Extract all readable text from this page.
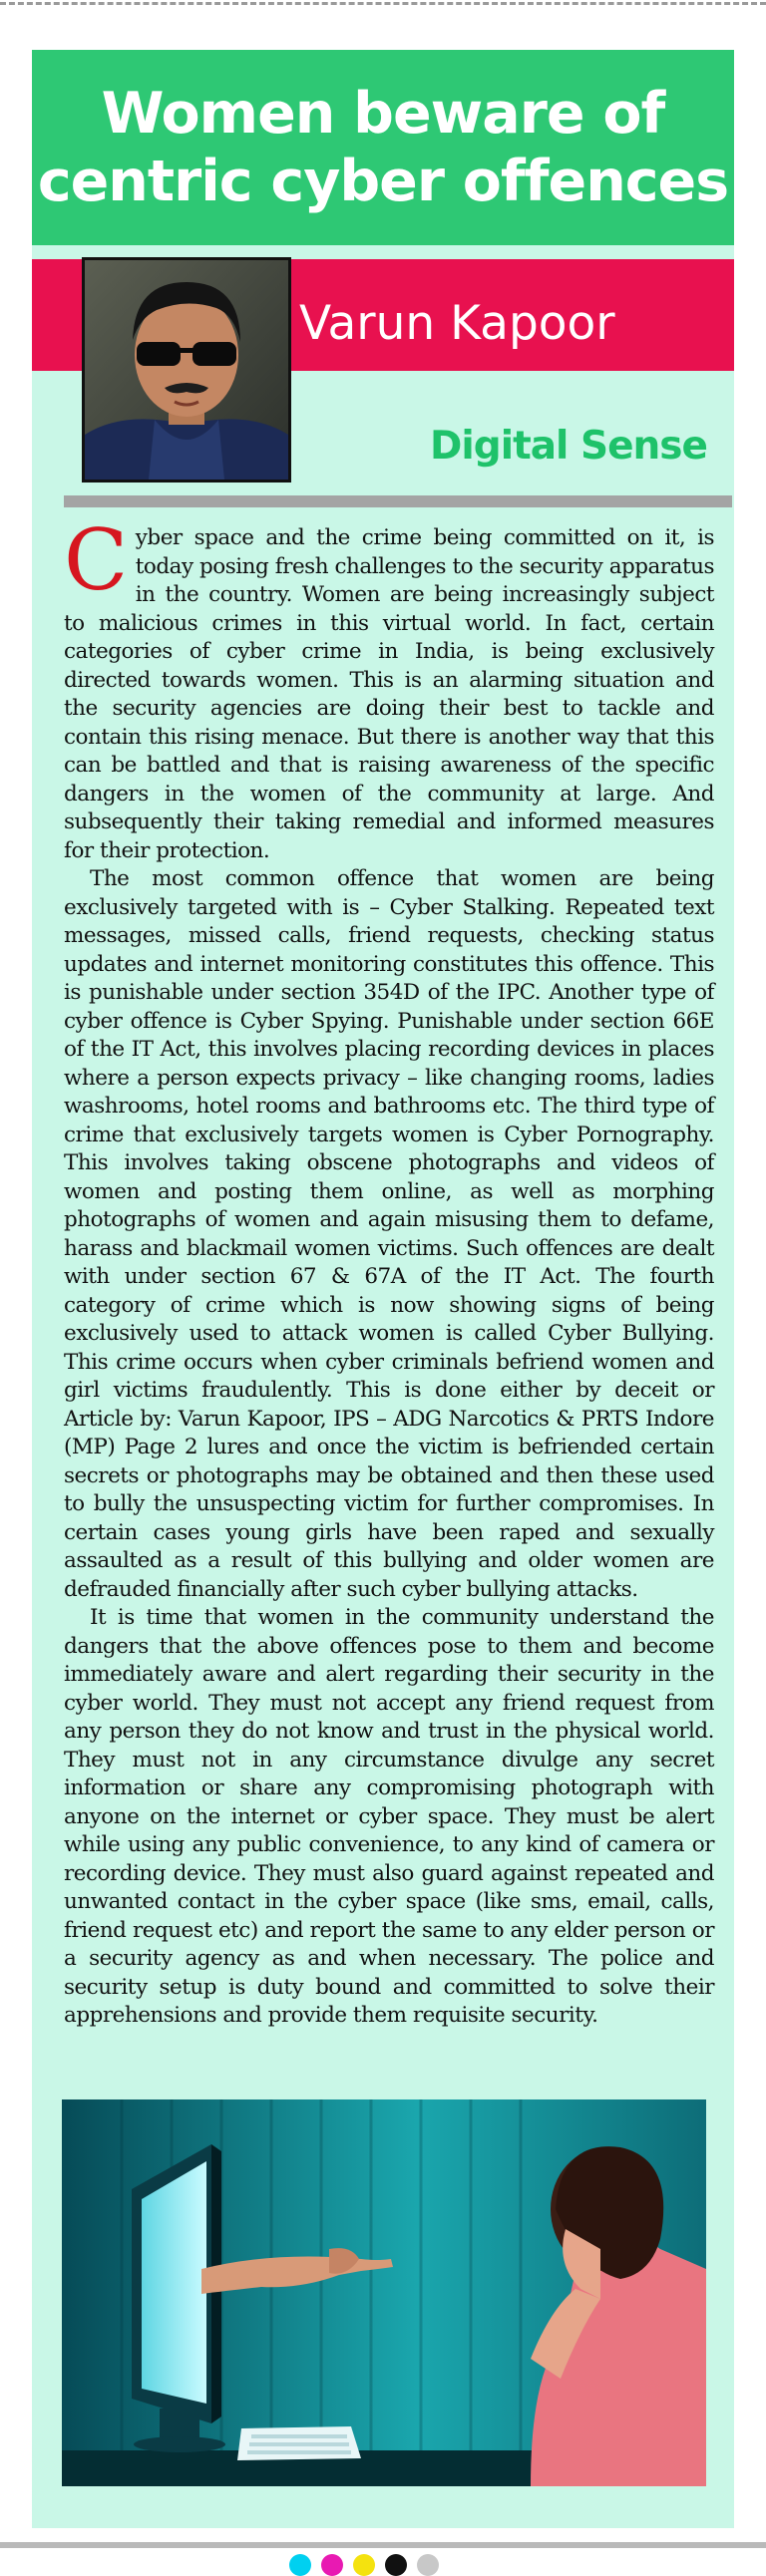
Women beware of
centric cyber offences
Varun Kapoor
Digital Sense

Cyber space and the crime being committed on it, is today posing fresh challenges to the security apparatus in the country. Women are being increasingly subject to malicious crimes in this virtual world. In fact, certain categories of cyber crime in India, is being exclusively directed towards women. This is an alarming situation and the security agencies are doing their best to tackle and contain this rising menace. But there is another way that this can be battled and that is raising awareness of the specific dangers in the women of the community at large. And subsequently their taking remedial and informed measures for their protection.

The most common offence that women are being exclusively targeted with is – Cyber Stalking. Repeated text messages, missed calls, friend requests, checking status updates and internet monitoring constitutes this offence. This is punishable under section 354D of the IPC. Another type of cyber offence is Cyber Spying. Punishable under section 66E of the IT Act, this involves placing recording devices in places where a person expects privacy – like changing rooms, ladies washrooms, hotel rooms and bathrooms etc. The third type of crime that exclusively targets women is Cyber Pornography. This involves taking obscene photographs and videos of women and posting them online, as well as morphing photographs of women and again misusing them to defame, harass and blackmail women victims. Such offences are dealt with under section 67 & 67A of the IT Act. The fourth category of crime which is now showing signs of being exclusively used to attack women is called Cyber Bullying. This crime occurs when cyber criminals befriend women and girl victims fraudulently. This is done either by deceit or Article by: Varun Kapoor, IPS – ADG Narcotics & PRTS Indore (MP) Page 2 lures and once the victim is befriended certain secrets or photographs may be obtained and then these used to bully the unsuspecting victim for further compromises. In certain cases young girls have been raped and sexually assaulted as a result of this bullying and older women are defrauded financially after such cyber bullying attacks.

It is time that women in the community understand the dangers that the above offences pose to them and become immediately aware and alert regarding their security in the cyber world. They must not accept any friend request from any person they do not know and trust in the physical world. They must not in any circumstance divulge any secret information or share any compromising photograph with anyone on the internet or cyber space. They must be alert while using any public convenience, to any kind of camera or recording device. They must also guard against repeated and unwanted contact in the cyber space (like sms, email, calls, friend request etc) and report the same to any elder person or a security agency as and when necessary. The police and security setup is duty bound and committed to solve their apprehensions and provide them requisite security.
